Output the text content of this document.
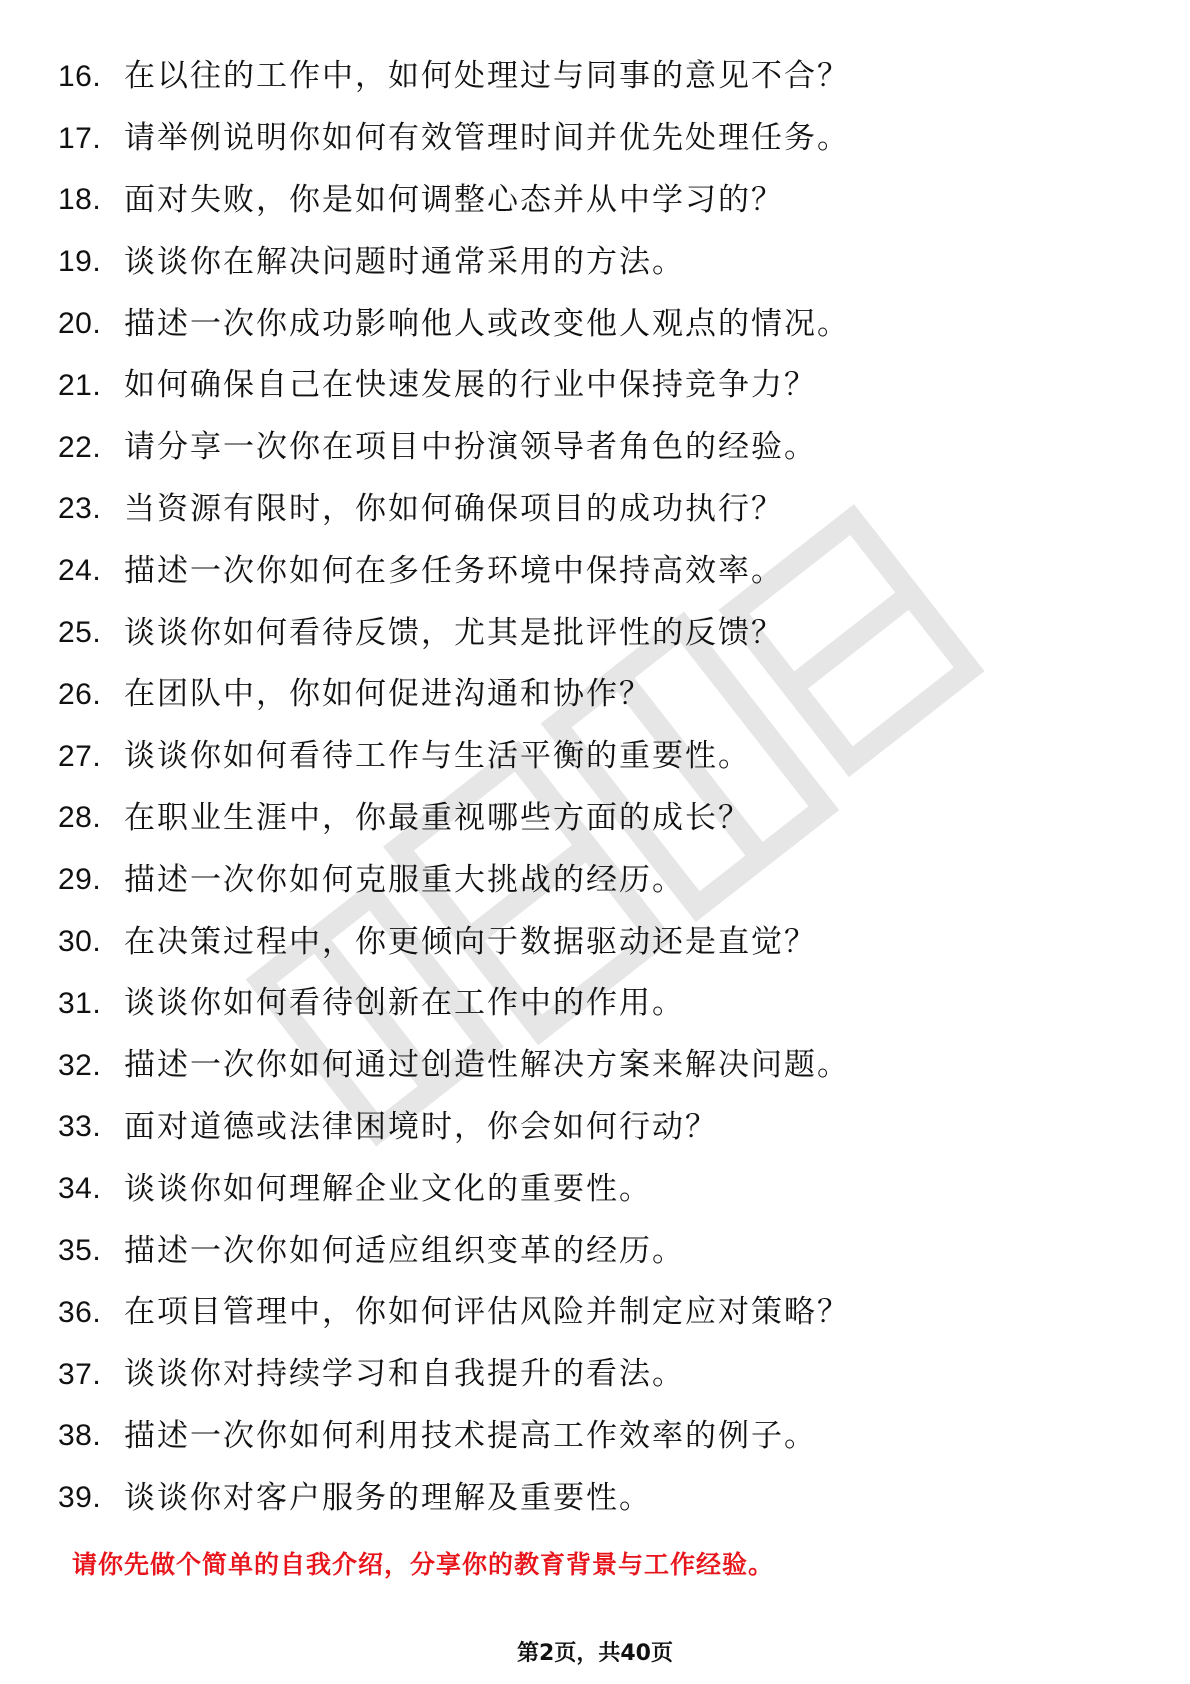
16. 在以往的工作中，如何处理过与同事的意见不合？
17. 请举例说明你如何有效管理时间并优先处理任务。
18. 面对失败，你是如何调整心态并从中学习的？
19. 谈谈你在解决问题时通常采用的方法。
20. 描述一次你成功影响他人或改变他人观点的情况。
21. 如何确保自己在快速发展的行业中保持竞争力？
22. 请分享一次你在项目中扮演领导者角色的经验。
23. 当资源有限时，你如何确保项目的成功执行？
24. 描述一次你如何在多任务环境中保持高效率。
25. 谈谈你如何看待反馈，尤其是批评性的反馈？
26. 在团队中，你如何促进沟通和协作？
27. 谈谈你如何看待工作与生活平衡的重要性。
28. 在职业生涯中，你最重视哪些方面的成长？
29. 描述一次你如何克服重大挑战的经历。
30. 在决策过程中，你更倾向于数据驱动还是直觉？
31. 谈谈你如何看待创新在工作中的作用。
32. 描述一次你如何通过创造性解决方案来解决问题。
33. 面对道德或法律困境时，你会如何行动？
34. 谈谈你如何理解企业文化的重要性。
35. 描述一次你如何适应组织变革的经历。
36. 在项目管理中，你如何评估风险并制定应对策略？
37. 谈谈你对持续学习和自我提升的看法。
38. 描述一次你如何利用技术提高工作效率的例子。
39. 谈谈你对客户服务的理解及重要性。
请你先做个简单的自我介绍，分享你的教育背景与工作经验。
第2页，共40页
